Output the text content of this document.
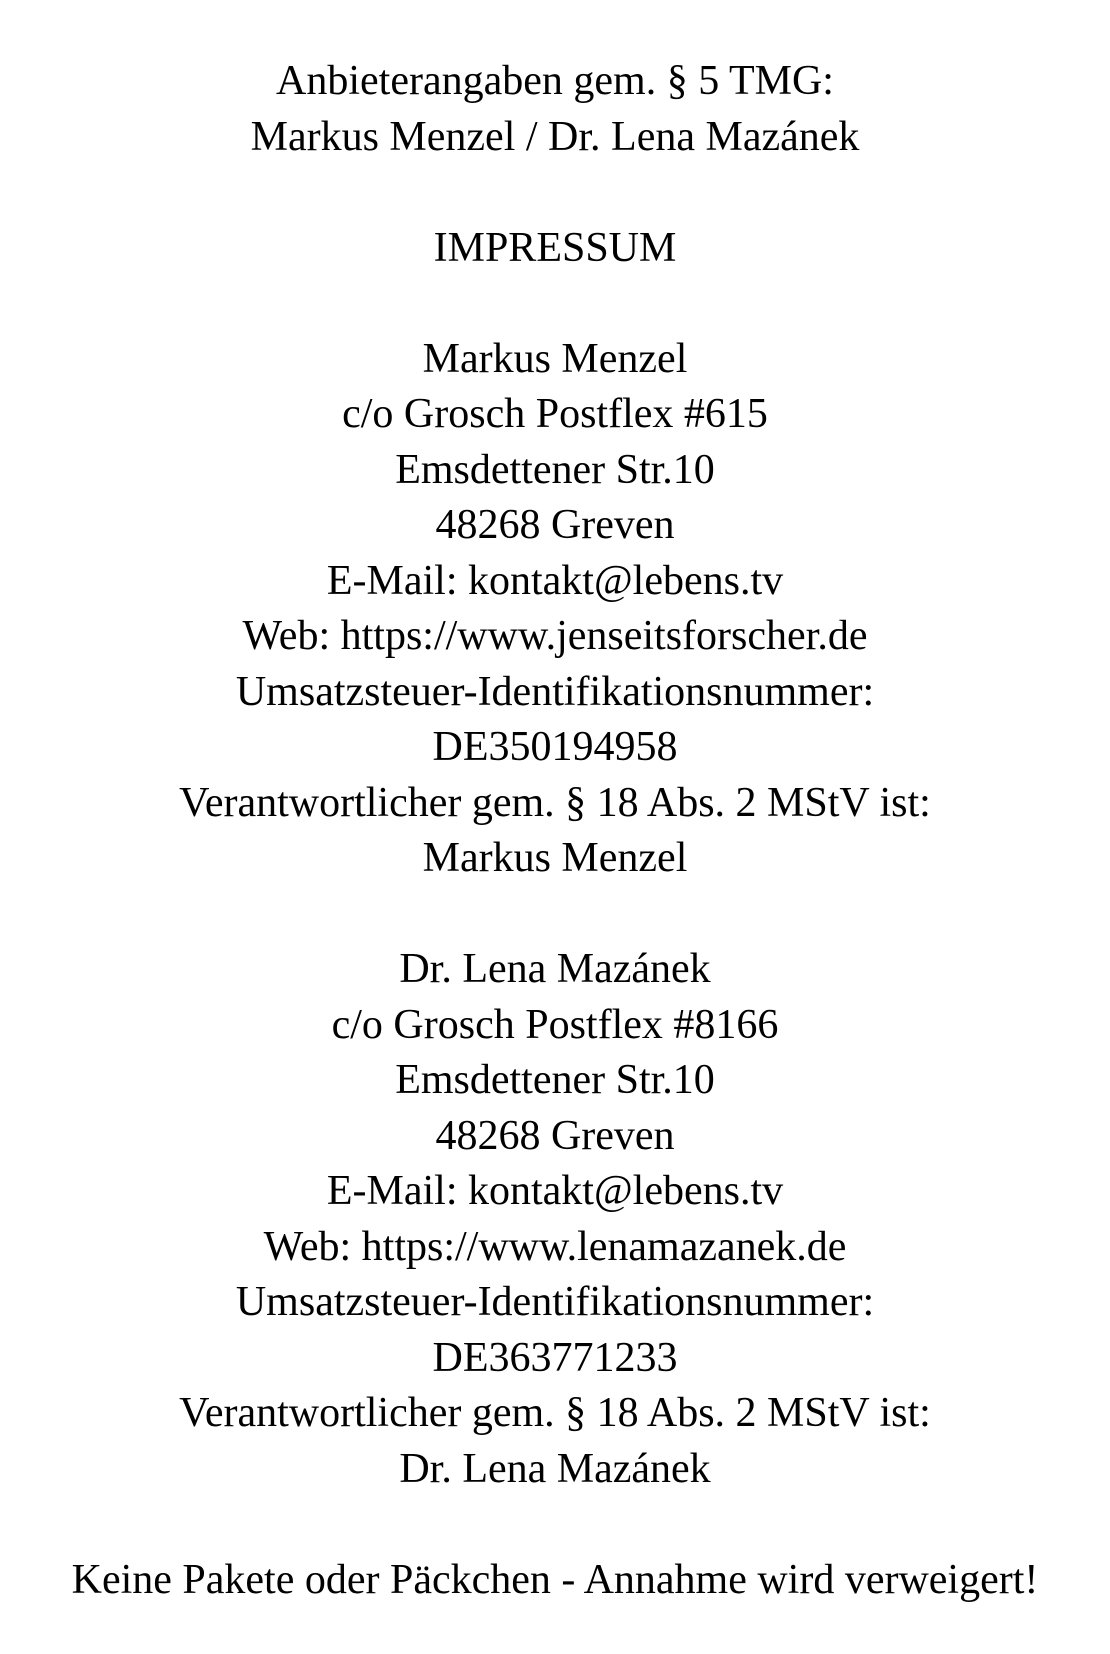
Anbieterangaben gem. § 5 TMG:
Markus Menzel / Dr. Lena Mazánek
IMPRESSUM
Markus Menzel
c/o Grosch Postflex #615
Emsdettener Str.10
48268 Greven
E-Mail: kontakt@lebens.tv
Web: https://www.jenseitsforscher.de
Umsatzsteuer-Identifikationsnummer:
DE350194958
Verantwortlicher gem. § 18 Abs. 2 MStV ist:
Markus Menzel
Dr. Lena Mazánek
c/o Grosch Postflex #8166
Emsdettener Str.10
48268 Greven
E-Mail: kontakt@lebens.tv
Web: https://www.lenamazanek.de
Umsatzsteuer-Identifikationsnummer:
DE363771233
Verantwortlicher gem. § 18 Abs. 2 MStV ist:
Dr. Lena Mazánek
Keine Pakete oder Päckchen - Annahme wird verweigert!
